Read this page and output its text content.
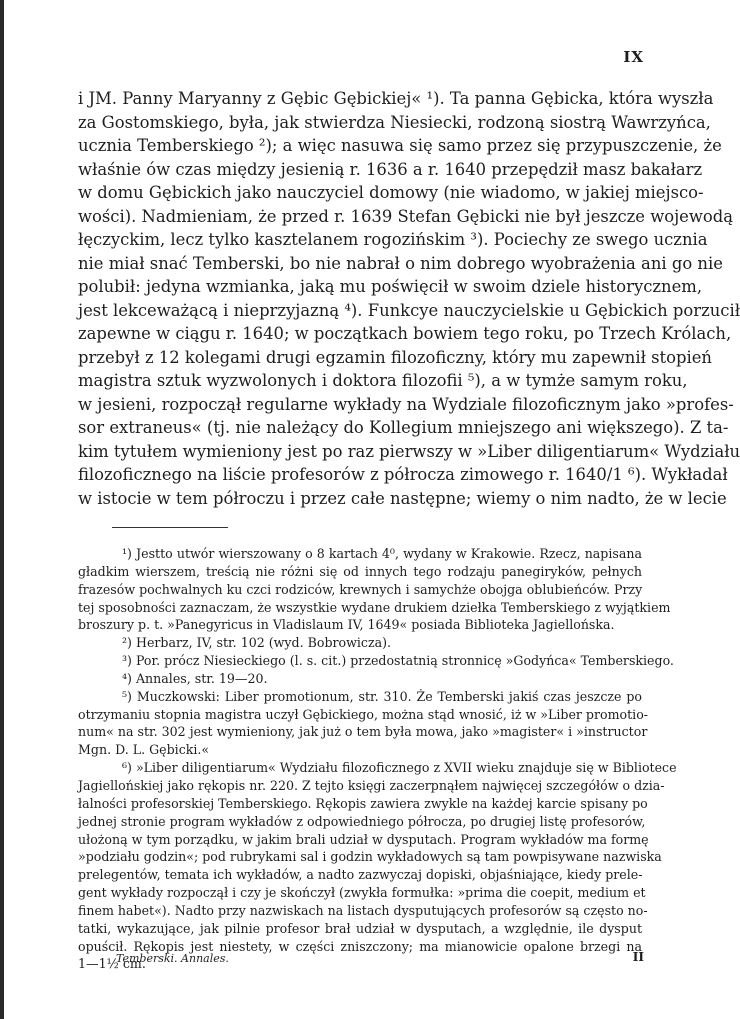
IX
i JM. Panny Maryanny z Gębic Gębickiej« ¹). Ta panna Gębicka, która wyszła
za Gostomskiego, była, jak stwierdza Niesiecki, rodzoną siostrą Wawrzyńca,
ucznia Temberskiego ²); a więc nasuwa się samo przez się przypuszczenie, że
właśnie ów czas między jesienią r. 1636 a r. 1640 przepędził masz bakałarz
w domu Gębickich jako nauczyciel domowy (nie wiadomo, w jakiej miejsco-
wości). Nadmieniam, że przed r. 1639 Stefan Gębicki nie był jeszcze wojewodą
łęczyckim, lecz tylko kasztelanem rogozińskim ³). Pociechy ze swego ucznia
nie miał snać Temberski, bo nie nabrał o nim dobrego wyobrażenia ani go nie
polubił: jedyna wzmianka, jaką mu poświęcił w swoim dziele historycznem,
jest lekceważącą i nieprzyjazną ⁴). Funkcye nauczycielskie u Gębickich porzucił
zapewne w ciągu r. 1640; w początkach bowiem tego roku, po Trzech Królach,
przebył z 12 kolegami drugi egzamin filozoficzny, który mu zapewnił stopień
magistra sztuk wyzwolonych i doktora filozofii ⁵), a w tymże samym roku,
w jesieni, rozpoczął regularne wykłady na Wydziale filozoficznym jako »profes-
sor extraneus« (tj. nie należący do Kollegium mniejszego ani większego). Z ta-
kim tytułem wymieniony jest po raz pierwszy w »Liber diligentiarum« Wydziału
filozoficznego na liście profesorów z półrocza zimowego r. 1640/1 ⁶). Wykładał
w istocie w tem półroczu i przez całe następne; wiemy o nim nadto, że w lecie
¹) Jestto utwór wierszowany o 8 kartach 4⁰, wydany w Krakowie. Rzecz, napisana
gładkim wierszem, treścią nie różni się od innych tego rodzaju panegiryków, pełnych
frazesów pochwalnych ku czci rodziców, krewnych i samychże obojga oblubieńców. Przy
tej sposobności zaznaczam, że wszystkie wydane drukiem dziełka Temberskiego z wyjątkiem
broszury p. t. »Panegyricus in Vladislaum IV, 1649« posiada Biblioteka Jagiellońska.
²) Herbarz, IV, str. 102 (wyd. Bobrowicza).
³) Por. prócz Niesieckiego (l. s. cit.) przedostatnią stronnicę »Godyńca« Temberskiego.
⁴) Annales, str. 19—20.
⁵) Muczkowski: Liber promotionum, str. 310. Że Temberski jakiś czas jeszcze po
otrzymaniu stopnia magistra uczył Gębickiego, można stąd wnosić, iż w »Liber promotio-
num« na str. 302 jest wymieniony, jak już o tem była mowa, jako »magister« i »instructor
Mgn. D. L. Gębicki.«
⁶) »Liber diligentiarum« Wydziału filozoficznego z XVII wieku znajduje się w Bibliotece
Jagiellońskiej jako rękopis nr. 220. Z tejto księgi zaczerpnąłem najwięcej szczegółów o dzia-
łalności profesorskiej Temberskiego. Rękopis zawiera zwykle na każdej karcie spisany po
jednej stronie program wykładów z odpowiedniego półrocza, po drugiej listę profesorów,
ułożoną w tym porządku, w jakim brali udział w dysputach. Program wykładów ma formę
»podziału godzin«; pod rubrykami sal i godzin wykładowych są tam powpisywane nazwiska
prelegentów, temata ich wykładów, a nadto zazwyczaj dopiski, objaśniające, kiedy prele-
gent wykłady rozpoczął i czy je skończył (zwykła formułka: »prima die coepit, medium et
finem habet«). Nadto przy nazwiskach na listach dysputujących profesorów są często no-
tatki, wykazujące, jak pilnie profesor brał udział w dysputach, a względnie, ile dysput
opuścił. Rękopis jest niestety, w części zniszczony; ma mianowicie opalone brzegi na
1—1½ cm.
Temberski. Annales.	II
